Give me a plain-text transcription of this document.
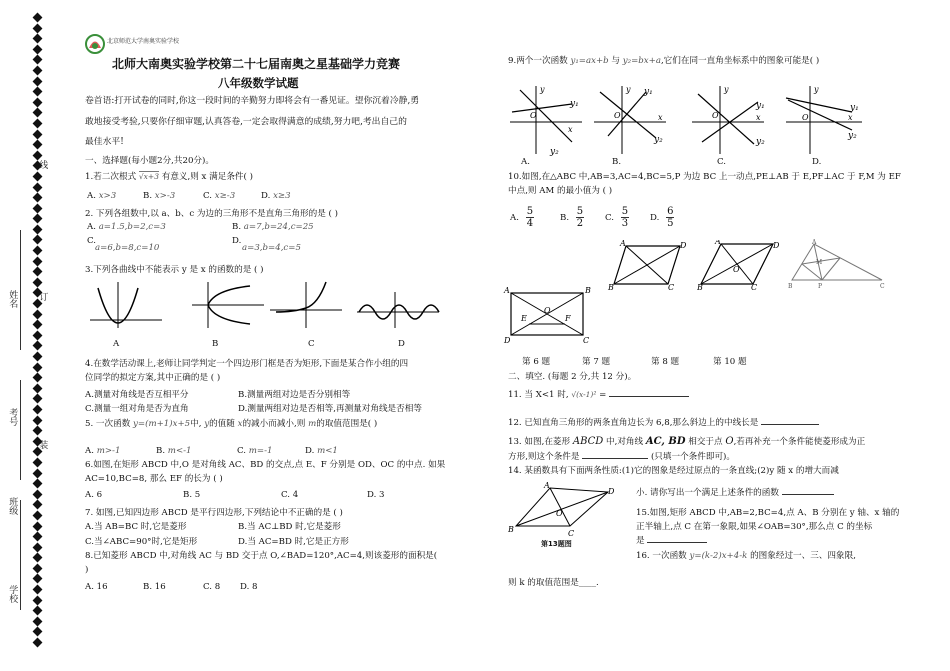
学校
班级
考号
姓名
线
订
装
北京师范大学南奥实验学校
北师大南奥实验学校第二十七届南奥之星基础学力竞赛
八年级数学试题
卷首语:打开试卷的同时,你这一段时间的辛勤努力即将会有一番见证。望你沉着冷静,勇
敢地接受考验,只要你仔细审题,认真答卷,一定会取得满意的成绩,努力吧,考出自己的
最佳水平!
一、选择题(每小题2分,共20分)。
1.若二次根式 √x+3 有意义,则 x 满足条件( )
A. x>3	B. x>-3	C. x≥-3	D. x≥3
2. 下列各组数中,以 a、b、c 为边的三角形不是直角三角形的是 ( )
A. a=1.5,b=2,c=3	B. a=7,b=24,c=25
C.
a=6,b=8,c=10
D.
a=3,b=4,c=5
3.下列各曲线中不能表示 y 是 x 的函数的是 ( )
A	B	C	D
4.在数学活动课上,老师让同学判定一个四边形门框是否为矩形,下面是某合作小组的四
位同学的拟定方案,其中正确的是 ( )
A.测量对角线是否互相平分	B.测量两组对边是否分别相等
C.测量一组对角是否为直角	D.测量两组对边是否相等,再测量对角线是否相等
5. 一次函数 y=(m+1)x+5中, y的值随 x的减小而减小,则 m的取值范围是( )
A. m>-1	B. m<-1	C. m=-1	D. m<1
6.如图,在矩形 ABCD 中,O 是对角线 AC、BD 的交点,点 E、F 分别是 OD、OC 的中点. 如果
AC=10,BC=8, 那么 EF 的长为 ( )
A. 6	B. 5	C. 4	D. 3
7. 如图,已知四边形 ABCD 是平行四边形,下列结论中不正确的是 ( )
A.当 AB=BC 时,它是菱形	B.当 AC⊥BD 时,它是菱形
C.当∠ABC=90°时,它是矩形	D.当 AC=BD 时,它是正方形
8.已知菱形 ABCD 中,对角线 AC 与 BD 交于点 O,∠BAD=120°,AC=4,则该菱形的面积是(
)
A. 16	B. 16	C. 8 D. 8
9.两个一次函数 y₁=ax+b 与 y₂=bx+a,它们在同一直角坐标系中的图象可能是( )
O
y
x
y₁
y₂
O
y
x
y₁
y₂
O
y
x
y₁
y₂
O
y
x
y₁
y₂
A.	B.	C.	D.
10.如图,在△ABC 中,AB=3,AC=4,BC=5,P 为边 BC 上一动点,PE⊥AB 于 E,PF⊥AC 于 F,M 为 EF
中点,则 AM 的最小值为 ( )
A. $\frac{5}{4}$	B. $\frac{5}{2} C$. $\frac{5}{3} D$. $\frac{6}{5}$
A	B
D	C
O
E	F
A	D
B	C
A	D
B	C
O
A
B	C
P
M
第 6 题	第 7 题	第 8 题	第 10 题
二、填空. (每题 2 分,共 12 分)。
11. 当 X<1 时, √(x-1)² =
12. 已知直角三角形的两条直角边长为 6,8,那么斜边上的中线长是
13. 如图,在菱形 ABCD 中,对角线 AC, BD 相交于点 O,若再补充一个条件能使菱形成为正
方形,则这个条件是	(只填一个条件即可)。
14. 某函数具有下面两条性质:(1)它的图象是经过原点的一条直线;(2)y 随 x 的增大而减
A
D
B	C
O
第13题图
小. 请你写出一个满足上述条件的函数
15.如图,矩形 ABCD 中,AB=2,BC=4,点 A、B 分别在 y 轴、x 轴的
正半轴上,点 C 在第一象限,如果∠OAB=30°,那么点 C 的坐标
是
16. 一次函数 y=(k-2)x+4-k 的图象经过一、三、四象限,
则 k 的取值范围是____.
